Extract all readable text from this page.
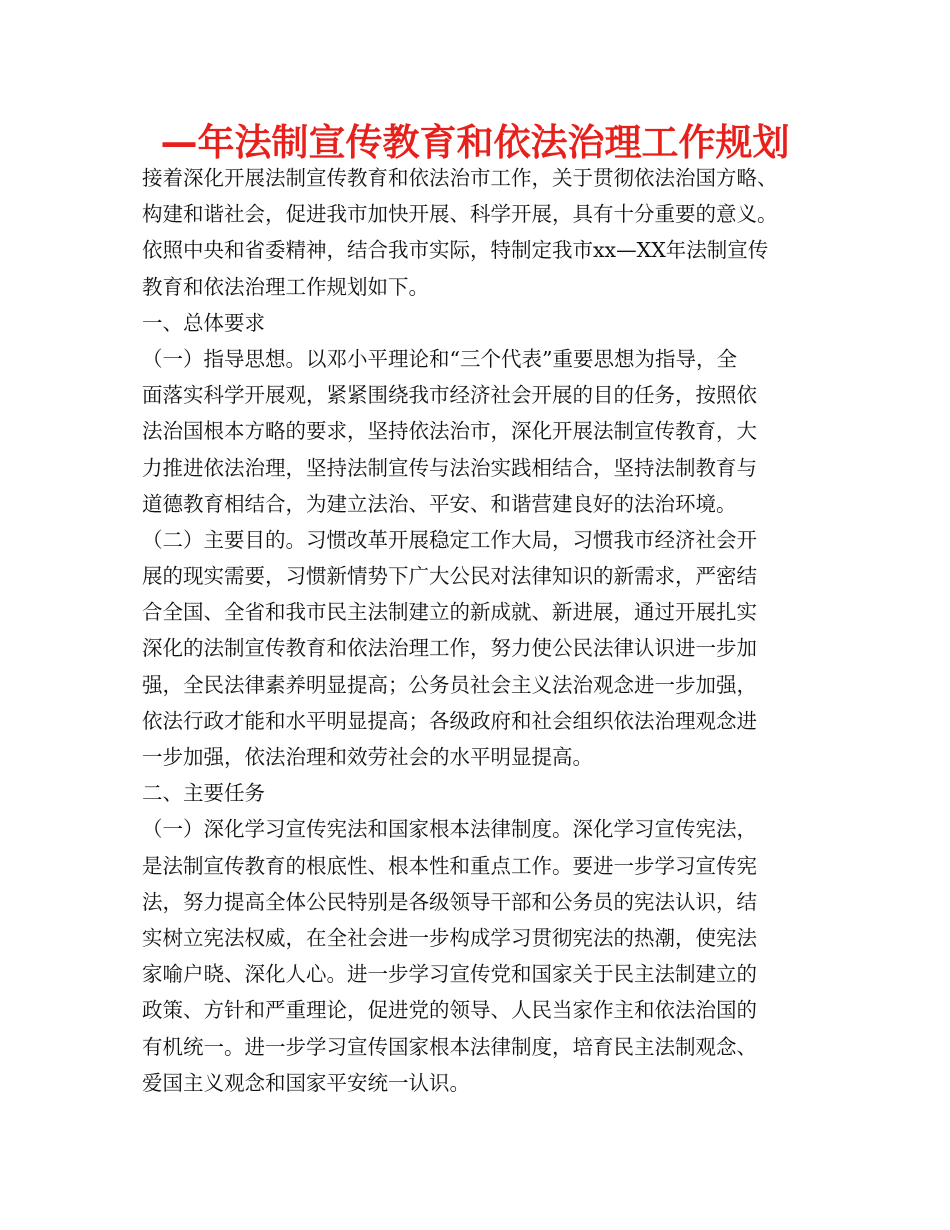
—年法制宣传教育和依法治理工作规划
接着深化开展法制宣传教育和依法治市工作，关于贯彻依法治国方略、
构建和谐社会，促进我市加快开展、科学开展，具有十分重要的意义。
依照中央和省委精神，结合我市实际，特制定我市xx—XX年法制宣传
教育和依法治理工作规划如下。
一、总体要求
（一）指导思想。以邓小平理论和“三个代表”重要思想为指导，全
面落实科学开展观，紧紧围绕我市经济社会开展的目的任务，按照依
法治国根本方略的要求，坚持依法治市，深化开展法制宣传教育，大
力推进依法治理，坚持法制宣传与法治实践相结合，坚持法制教育与
道德教育相结合，为建立法治、平安、和谐营建良好的法治环境。
（二）主要目的。习惯改革开展稳定工作大局，习惯我市经济社会开
展的现实需要，习惯新情势下广大公民对法律知识的新需求，严密结
合全国、全省和我市民主法制建立的新成就、新进展，通过开展扎实
深化的法制宣传教育和依法治理工作，努力使公民法律认识进一步加
强，全民法律素养明显提高；公务员社会主义法治观念进一步加强，
依法行政才能和水平明显提高；各级政府和社会组织依法治理观念进
一步加强，依法治理和效劳社会的水平明显提高。
二、主要任务
（一）深化学习宣传宪法和国家根本法律制度。深化学习宣传宪法，
是法制宣传教育的根底性、根本性和重点工作。要进一步学习宣传宪
法，努力提高全体公民特别是各级领导干部和公务员的宪法认识，结
实树立宪法权威，在全社会进一步构成学习贯彻宪法的热潮，使宪法
家喻户晓、深化人心。进一步学习宣传党和国家关于民主法制建立的
政策、方针和严重理论，促进党的领导、人民当家作主和依法治国的
有机统一。进一步学习宣传国家根本法律制度，培育民主法制观念、
爱国主义观念和国家平安统一认识。
